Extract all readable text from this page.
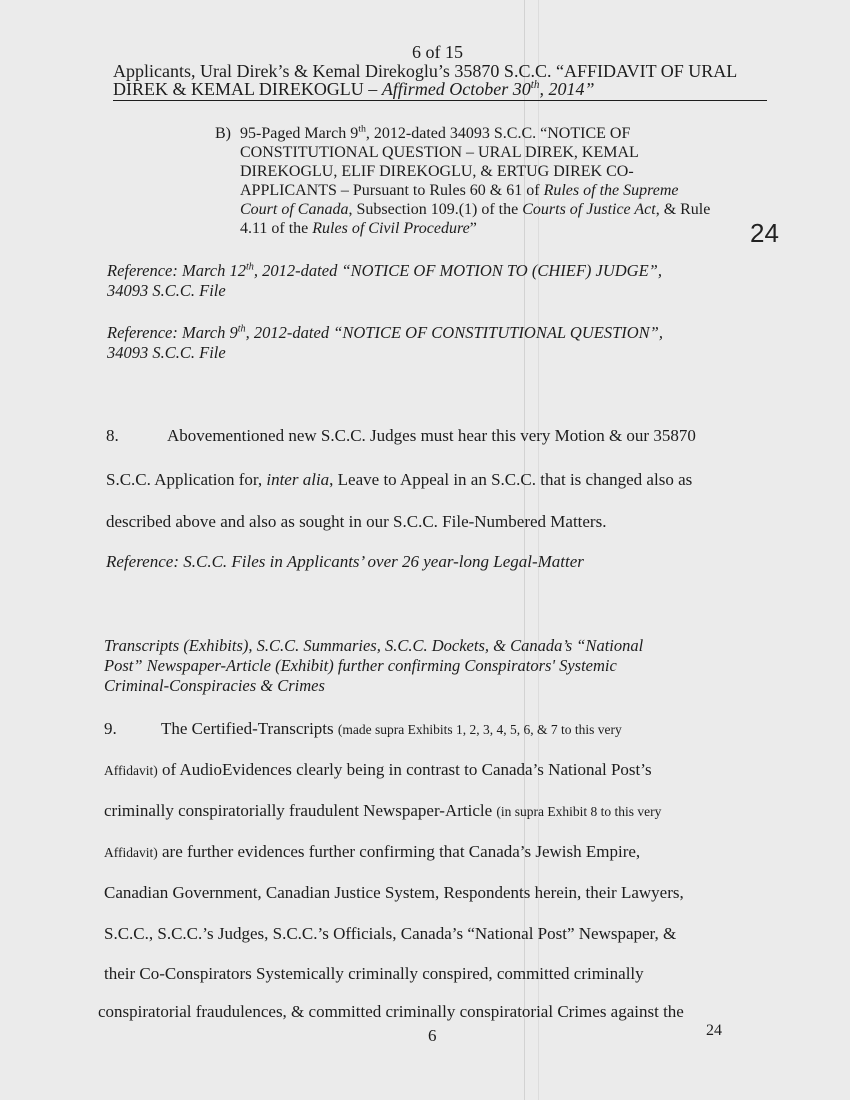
6 of 15
Applicants, Ural Direk’s & Kemal Direkoglu’s 35870 S.C.C. “AFFIDAVIT OF URAL
DIREK & KEMAL DIREKOGLU – Affirmed October 30th, 2014”
B) 95-Paged March 9th, 2012-dated 34093 S.C.C. “NOTICE OF
CONSTITUTIONAL QUESTION – URAL DIREK, KEMAL
DIREKOGLU, ELIF DIREKOGLU, & ERTUG DIREK CO-
APPLICANTS – Pursuant to Rules 60 & 61 of Rules of the Supreme
Court of Canada, Subsection 109.(1) of the Courts of Justice Act, & Rule
4.11 of the Rules of Civil Procedure”	24
Reference: March 12th, 2012-dated “NOTICE OF MOTION TO (CHIEF) JUDGE”,
34093 S.C.C. File
Reference: March 9th, 2012-dated “NOTICE OF CONSTITUTIONAL QUESTION”,
34093 S.C.C. File
8.	Abovementioned new S.C.C. Judges must hear this very Motion & our 35870
S.C.C. Application for, inter alia, Leave to Appeal in an S.C.C. that is changed also as
described above and also as sought in our S.C.C. File-Numbered Matters.
Reference: S.C.C. Files in Applicants’ over 26 year-long Legal-Matter
Transcripts (Exhibits), S.C.C. Summaries, S.C.C. Dockets, & Canada’s “National
Post” Newspaper-Article (Exhibit) further confirming Conspirators' Systemic
Criminal-Conspiracies & Crimes
9.	The Certified-Transcripts (made supra Exhibits 1, 2, 3, 4, 5, 6, & 7 to this very
Affidavit) of AudioEvidences clearly being in contrast to Canada’s National Post’s
criminally conspiratorially fraudulent Newspaper-Article (in supra Exhibit 8 to this very
Affidavit) are further evidences further confirming that Canada’s Jewish Empire,
Canadian Government, Canadian Justice System, Respondents herein, their Lawyers,
S.C.C., S.C.C.’s Judges, S.C.C.’s Officials, Canada’s “National Post” Newspaper, &
their Co-Conspirators Systemically criminally conspired, committed criminally
conspiratorial fraudulences, & committed criminally conspiratorial Crimes against the
6	24
